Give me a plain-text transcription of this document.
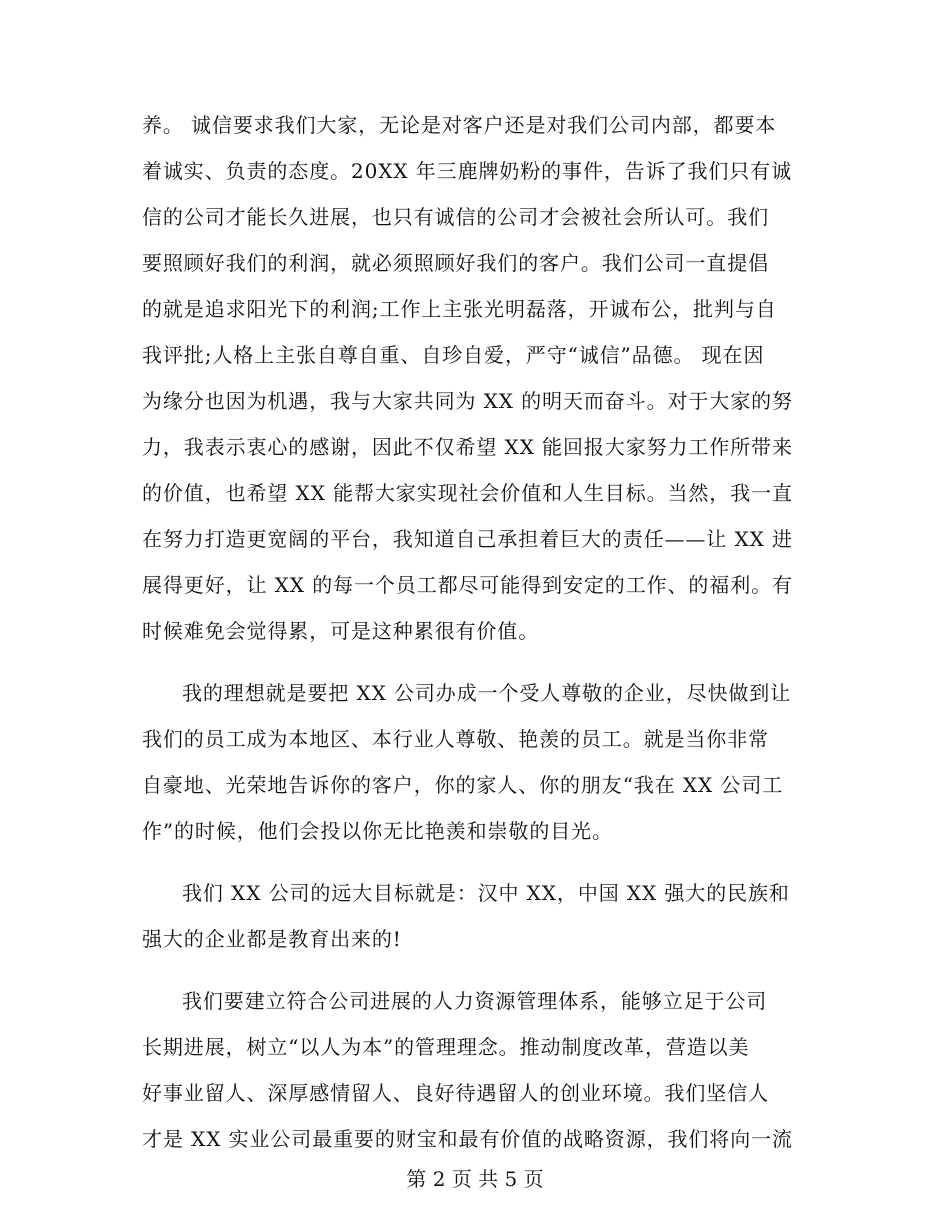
养。 诚信要求我们大家，无论是对客户还是对我们公司内部，都要本
着诚实、负责的态度。20XX 年三鹿牌奶粉的事件，告诉了我们只有诚
信的公司才能长久进展，也只有诚信的公司才会被社会所认可。我们
要照顾好我们的利润，就必须照顾好我们的客户。我们公司一直提倡
的就是追求阳光下的利润;工作上主张光明磊落，开诚布公，批判与自
我评批;人格上主张自尊自重、自珍自爱，严守“诚信”品德。 现在因
为缘分也因为机遇，我与大家共同为 XX 的明天而奋斗。对于大家的努
力，我表示衷心的感谢，因此不仅希望 XX 能回报大家努力工作所带来
的价值，也希望 XX 能帮大家实现社会价值和人生目标。当然，我一直
在努力打造更宽阔的平台，我知道自己承担着巨大的责任——让 XX 进
展得更好，让 XX 的每一个员工都尽可能得到安定的工作、的福利。有
时候难免会觉得累，可是这种累很有价值。
我的理想就是要把 XX 公司办成一个受人尊敬的企业，尽快做到让
我们的员工成为本地区、本行业人尊敬、艳羡的员工。就是当你非常
自豪地、光荣地告诉你的客户，你的家人、你的朋友“我在 XX 公司工
作”的时候，他们会投以你无比艳羡和崇敬的目光。
我们 XX 公司的远大目标就是：汉中 XX，中国 XX 强大的民族和
强大的企业都是教育出来的!
我们要建立符合公司进展的人力资源管理体系，能够立足于公司
长期进展，树立“以人为本”的管理理念。推动制度改革，营造以美
好事业留人、深厚感情留人、良好待遇留人的创业环境。我们坚信人
才是 XX 实业公司最重要的财宝和最有价值的战略资源，我们将向一流
第 2 页 共 5 页
